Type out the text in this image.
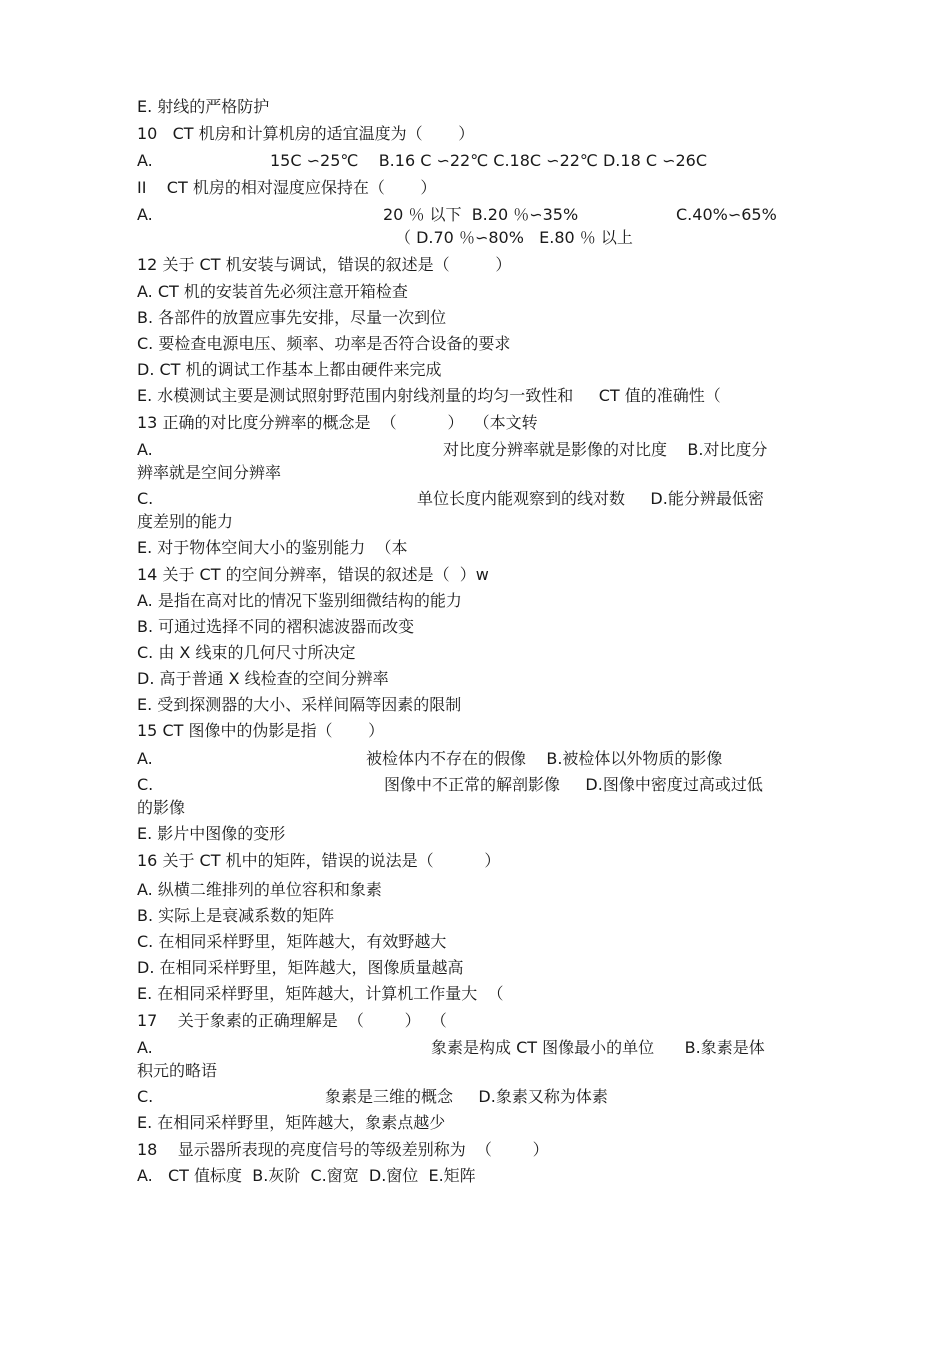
E. 射线的严格防护
10   CT 机房和计算机房的适宜温度为（       ）
A.	15C ∽25℃    B.16 C ∽22℃ C.18C ∽22℃ D.18 C ∽26C
II    CT 机房的相对湿度应保持在（       ）
A.	20 ％ 以下  B.20 ％∽35%	C.40%∽65%
（ D.70 ％∽80%   E.80 ％ 以上
12 关于 CT 机安装与调试，错误的叙述是（         ）
A. CT 机的安装首先必须注意开箱检查
B. 各部件的放置应事先安排，尽量一次到位
C. 要检查电源电压、频率、功率是否符合设备的要求
D. CT 机的调试工作基本上都由硬件来完成
E. 水模测试主要是测试照射野范围内射线剂量的均匀一致性和     CT 值的准确性（
13 正确的对比度分辨率的概念是  （          ）  （本文转
A.	对比度分辨率就是影像的对比度    B.对比度分
辨率就是空间分辨率
C.	单位长度内能观察到的线对数     D.能分辨最低密
度差别的能力
E. 对于物体空间大小的鉴别能力  （本
14 关于 CT 的空间分辨率，错误的叙述是（  ）w
A. 是指在高对比的情况下鉴别细微结构的能力
B. 可通过选择不同的褶积滤波器而改变
C. 由 X 线束的几何尺寸所决定
D. 高于普通 X 线检查的空间分辨率
E. 受到探测器的大小、采样间隔等因素的限制
15 CT 图像中的伪影是指（       ）
A.	被检体内不存在的假像    B.被检体以外物质的影像
C.	图像中不正常的解剖影像     D.图像中密度过高或过低
的影像
E. 影片中图像的变形
16 关于 CT 机中的矩阵，错误的说法是（          ）
A. 纵横二维排列的单位容积和象素
B. 实际上是衰减系数的矩阵
C. 在相同采样野里，矩阵越大，有效野越大
D. 在相同采样野里，矩阵越大，图像质量越高
E. 在相同采样野里，矩阵越大，计算机工作量大  （
17    关于象素的正确理解是  （        ）  （
A.	象素是构成 CT 图像最小的单位      B.象素是体
积元的略语
C.	象素是三维的概念     D.象素又称为体素
E. 在相同采样野里，矩阵越大，象素点越少
18    显示器所表现的亮度信号的等级差别称为  （        ）
A.   CT 值标度  B.灰阶  C.窗宽  D.窗位  E.矩阵
